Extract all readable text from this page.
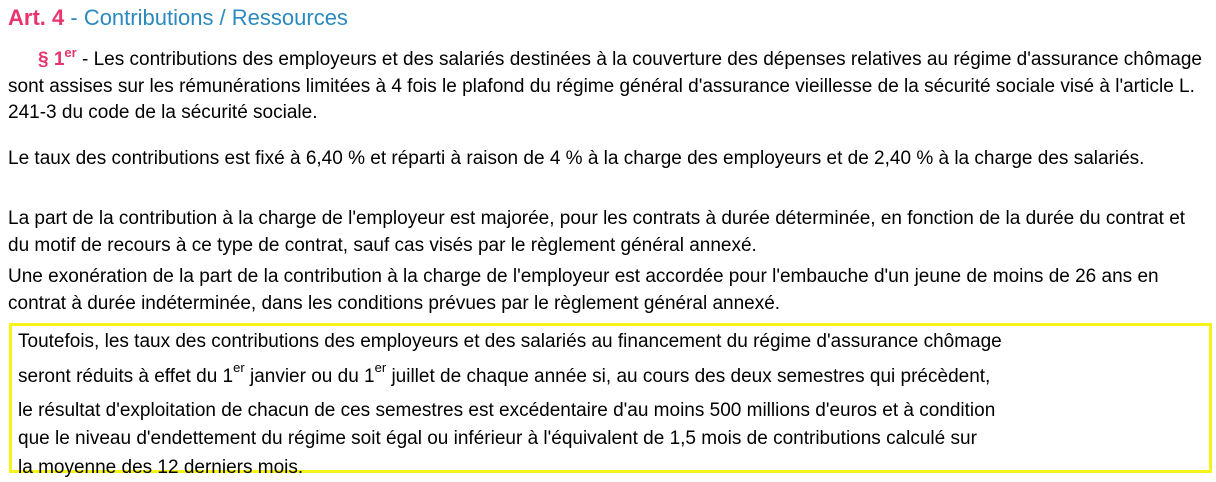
Art. 4 - Contributions / Ressources
§ 1er - Les contributions des employeurs et des salariés destinées à la couverture des dépenses relatives au régime d'assurance chômage sont assises sur les rémunérations limitées à 4 fois le plafond du régime général d'assurance vieillesse de la sécurité sociale visé à l'article L. 241-3 du code de la sécurité sociale.
Le taux des contributions est fixé à 6,40 % et réparti à raison de 4 % à la charge des employeurs et de 2,40 % à la charge des salariés.
La part de la contribution à la charge de l'employeur est majorée, pour les contrats à durée déterminée, en fonction de la durée du contrat et du motif de recours à ce type de contrat, sauf cas visés par le règlement général annexé.
Une exonération de la part de la contribution à la charge de l'employeur est accordée pour l'embauche d'un jeune de moins de 26 ans en contrat à durée indéterminée, dans les conditions prévues par le règlement général annexé.
Toutefois, les taux des contributions des employeurs et des salariés au financement du régime d'assurance chômage
seront réduits à effet du 1er janvier ou du 1er juillet de chaque année si, au cours des deux semestres qui précèdent,
le résultat d'exploitation de chacun de ces semestres est excédentaire d'au moins 500 millions d'euros et à condition
que le niveau d'endettement du régime soit égal ou inférieur à l'équivalent de 1,5 mois de contributions calculé sur
la moyenne des 12 derniers mois.
